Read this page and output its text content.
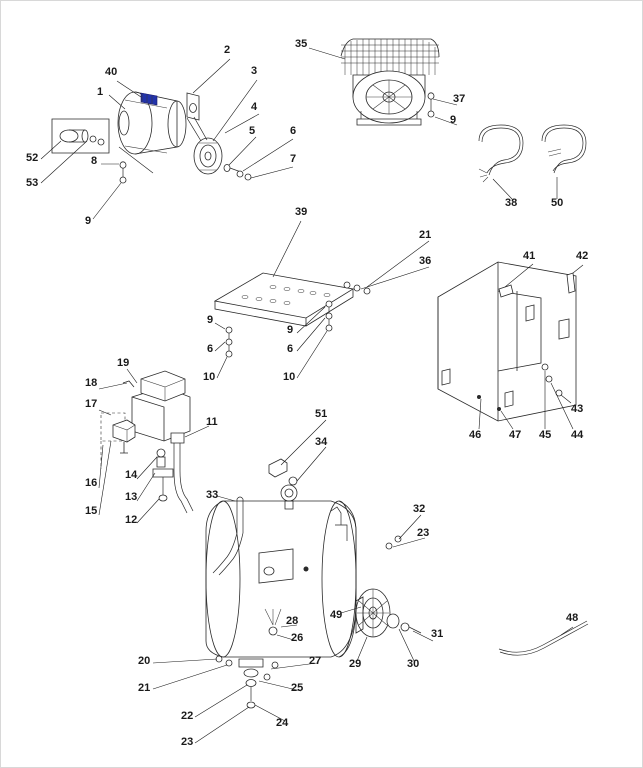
1
2
3
4
5	6
7
8
9
9
9
9
6	6
10	10
11
12
13
14
15
16
17
18
19
20
21
21
22
23
23
24
25
26
27
28
29	30
31
32
33
34
35
36
37
38
39
40
41	42
43
44
45
46	47
48
49
50
51
52
53
